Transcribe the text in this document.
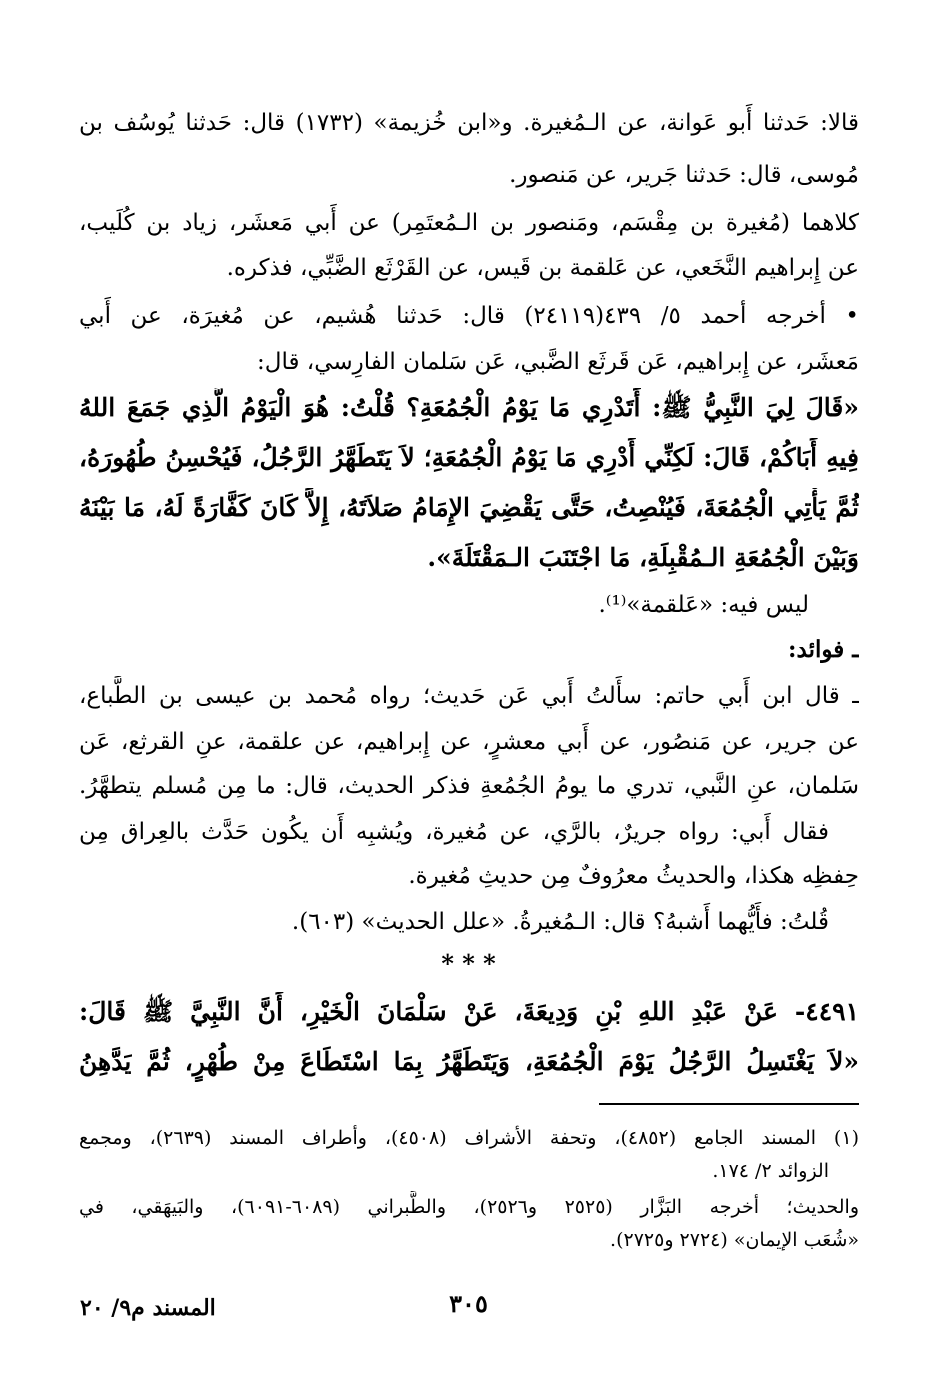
قالا: حَدثنا أَبو عَوانة، عن الـمُغيرة. و«ابن خُزيمة» (١٧٣٢) قال: حَدثنا يُوسُف بن
مُوسى، قال: حَدثنا جَرير، عن مَنصور.
كلاهما (مُغيرة بن مِقْسَم، ومَنصور بن الـمُعتَمِر) عن أَبي مَعشَر، زياد بن كُلَيب،
عن إِبراهيم النَّخَعي، عن عَلقمة بن قَيس، عن القَرْثَع الضَّبِّي، فذكره.
• أخرجه أحمد ٥/ ٤٣٩(٢٤١١٩) قال: حَدثنا هُشيم، عن مُغيرَة، عن أَبي
مَعشَر، عن إِبراهيم، عَن قَرثَع الضَّبي، عَن سَلمان الفارِسي، قال:
«قَالَ لِيَ النَّبِيُّ ﷺ: أَتَدْرِي مَا يَوْمُ الْجُمُعَةِ؟ قُلْتُ: هُوَ الْيَوْمُ الَّذِي جَمَعَ اللهُ
فِيهِ أَبَاكُمْ، قَالَ: لَكِنِّي أَدْرِي مَا يَوْمُ الْجُمُعَةِ؛ لاَ يَتَطَهَّرُ الرَّجُلُ، فَيُحْسِنُ طُهُورَهُ،
ثُمَّ يَأْتِي الْجُمُعَةَ، فَيُنْصِتُ، حَتَّى يَقْضِيَ الإِمَامُ صَلاَتَهُ، إِلاَّ كَانَ كَفَّارَةً لَهُ، مَا بَيْنَهُ
وَبَيْنَ الْجُمُعَةِ الـمُقْبِلَةِ، مَا اجْتَنَبَ الـمَقْتَلَةَ».
ليس فيه: «عَلقمة»⁽¹⁾.
ـ فوائد:
ـ قال ابن أَبي حاتم: سأَلتُ أَبي عَن حَديث؛ رواه مُحمد بن عيسى بن الطَّباع،
عن جرير، عن مَنصُور، عن أَبي معشرٍ، عن إِبراهيم، عن علقمة، عنِ القرثع، عَن
سَلمان، عنِ النَّبي، تدري ما يومُ الجُمُعةِ فذكر الحديث، قال: ما مِن مُسلم يتطهَّرُ.
فقال أَبي: رواه جريرٌ، بالرَّي، عن مُغيرة، ويُشبِه أَن يكُون حَدَّث بالعِراق مِن
حِفظِه هكذا، والحديثُ معرُوفٌ مِن حديثِ مُغيرة.
قُلتُ: فأَيُّهما أَشبهُ؟ قال: الـمُغيرةُ. «علل الحديث» (٦٠٣).
* * *
٤٤٩١- عَنْ عَبْدِ اللهِ بْنِ وَدِيعَةَ، عَنْ سَلْمَانَ الْخَيْرِ، أَنَّ النَّبِيَّ ﷺ قَالَ:
«لاَ يَغْتَسِلُ الرَّجُلُ يَوْمَ الْجُمُعَةِ، وَيَتَطَهَّرُ بِمَا اسْتَطَاعَ مِنْ طُهْرٍ، ثُمَّ يَدَّهِنُ
(١) المسند الجامع (٤٨٥٢)، وتحفة الأشراف (٤٥٠٨)، وأطراف المسند (٢٦٣٩)، ومجمع
الزوائد ٢/ ١٧٤.
والحديث؛ أخرجه البَزَّار (٢٥٢٥ و٢٥٢٦)، والطَّبراني (٦٠٨٩-٦٠٩١)، والبَيهَقي، في
«شُعَب الإيمان» (٢٧٢٤ و٢٧٢٥).
٣٠٥
المسند م٩/ ٢٠
